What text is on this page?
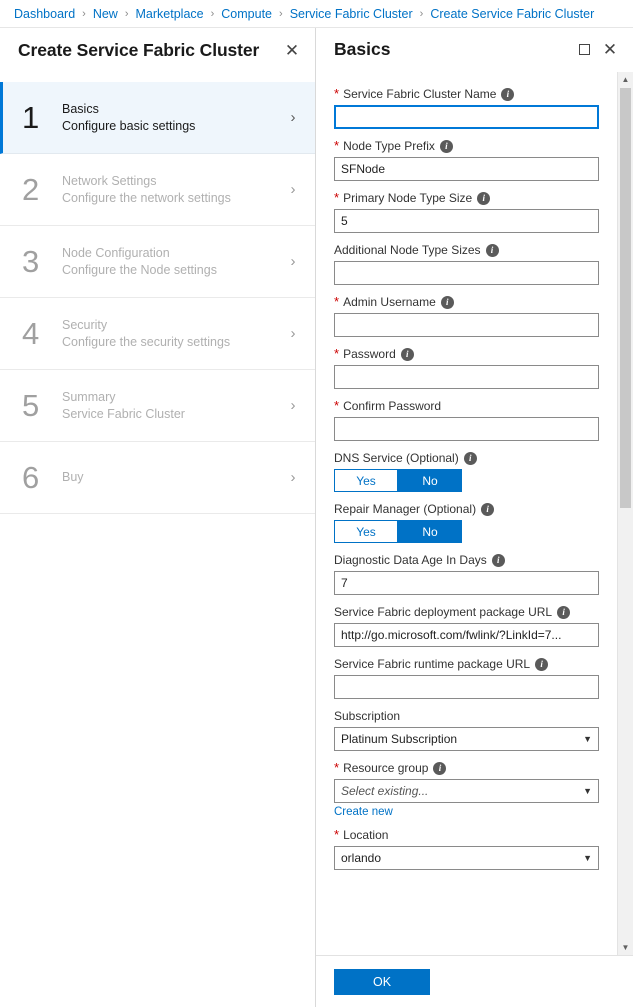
Dashboard › New › Marketplace › Compute › Service Fabric Cluster › Create Service Fabric Cluster
Create Service Fabric Cluster	✕
1	Basics
Configure basic settings	›
2	Network Settings
Configure the network settings	›
3	Node Configuration
Configure the Node settings	›
4	Security
Configure the security settings	›
5	Summary
Service Fabric Cluster	›
6	Buy	›
Basics	✕
* Service Fabric Cluster Name	i
* Node Type Prefix	i
SFNode
* Primary Node Type Size	i
5
Additional Node Type Sizes	i
* Admin Username	i
* Password	i
* Confirm Password
DNS Service (Optional)	i
Yes	No
Repair Manager (Optional)	i
Yes	No
Diagnostic Data Age In Days	i
7
Service Fabric deployment package URL	i
http://go.microsoft.com/fwlink/?LinkId=7...
Service Fabric runtime package URL	i
Subscription
Platinum Subscription	▼
* Resource group	i
Select existing...	▼
Create new
* Location
orlando	▼
▲
▼
OK
